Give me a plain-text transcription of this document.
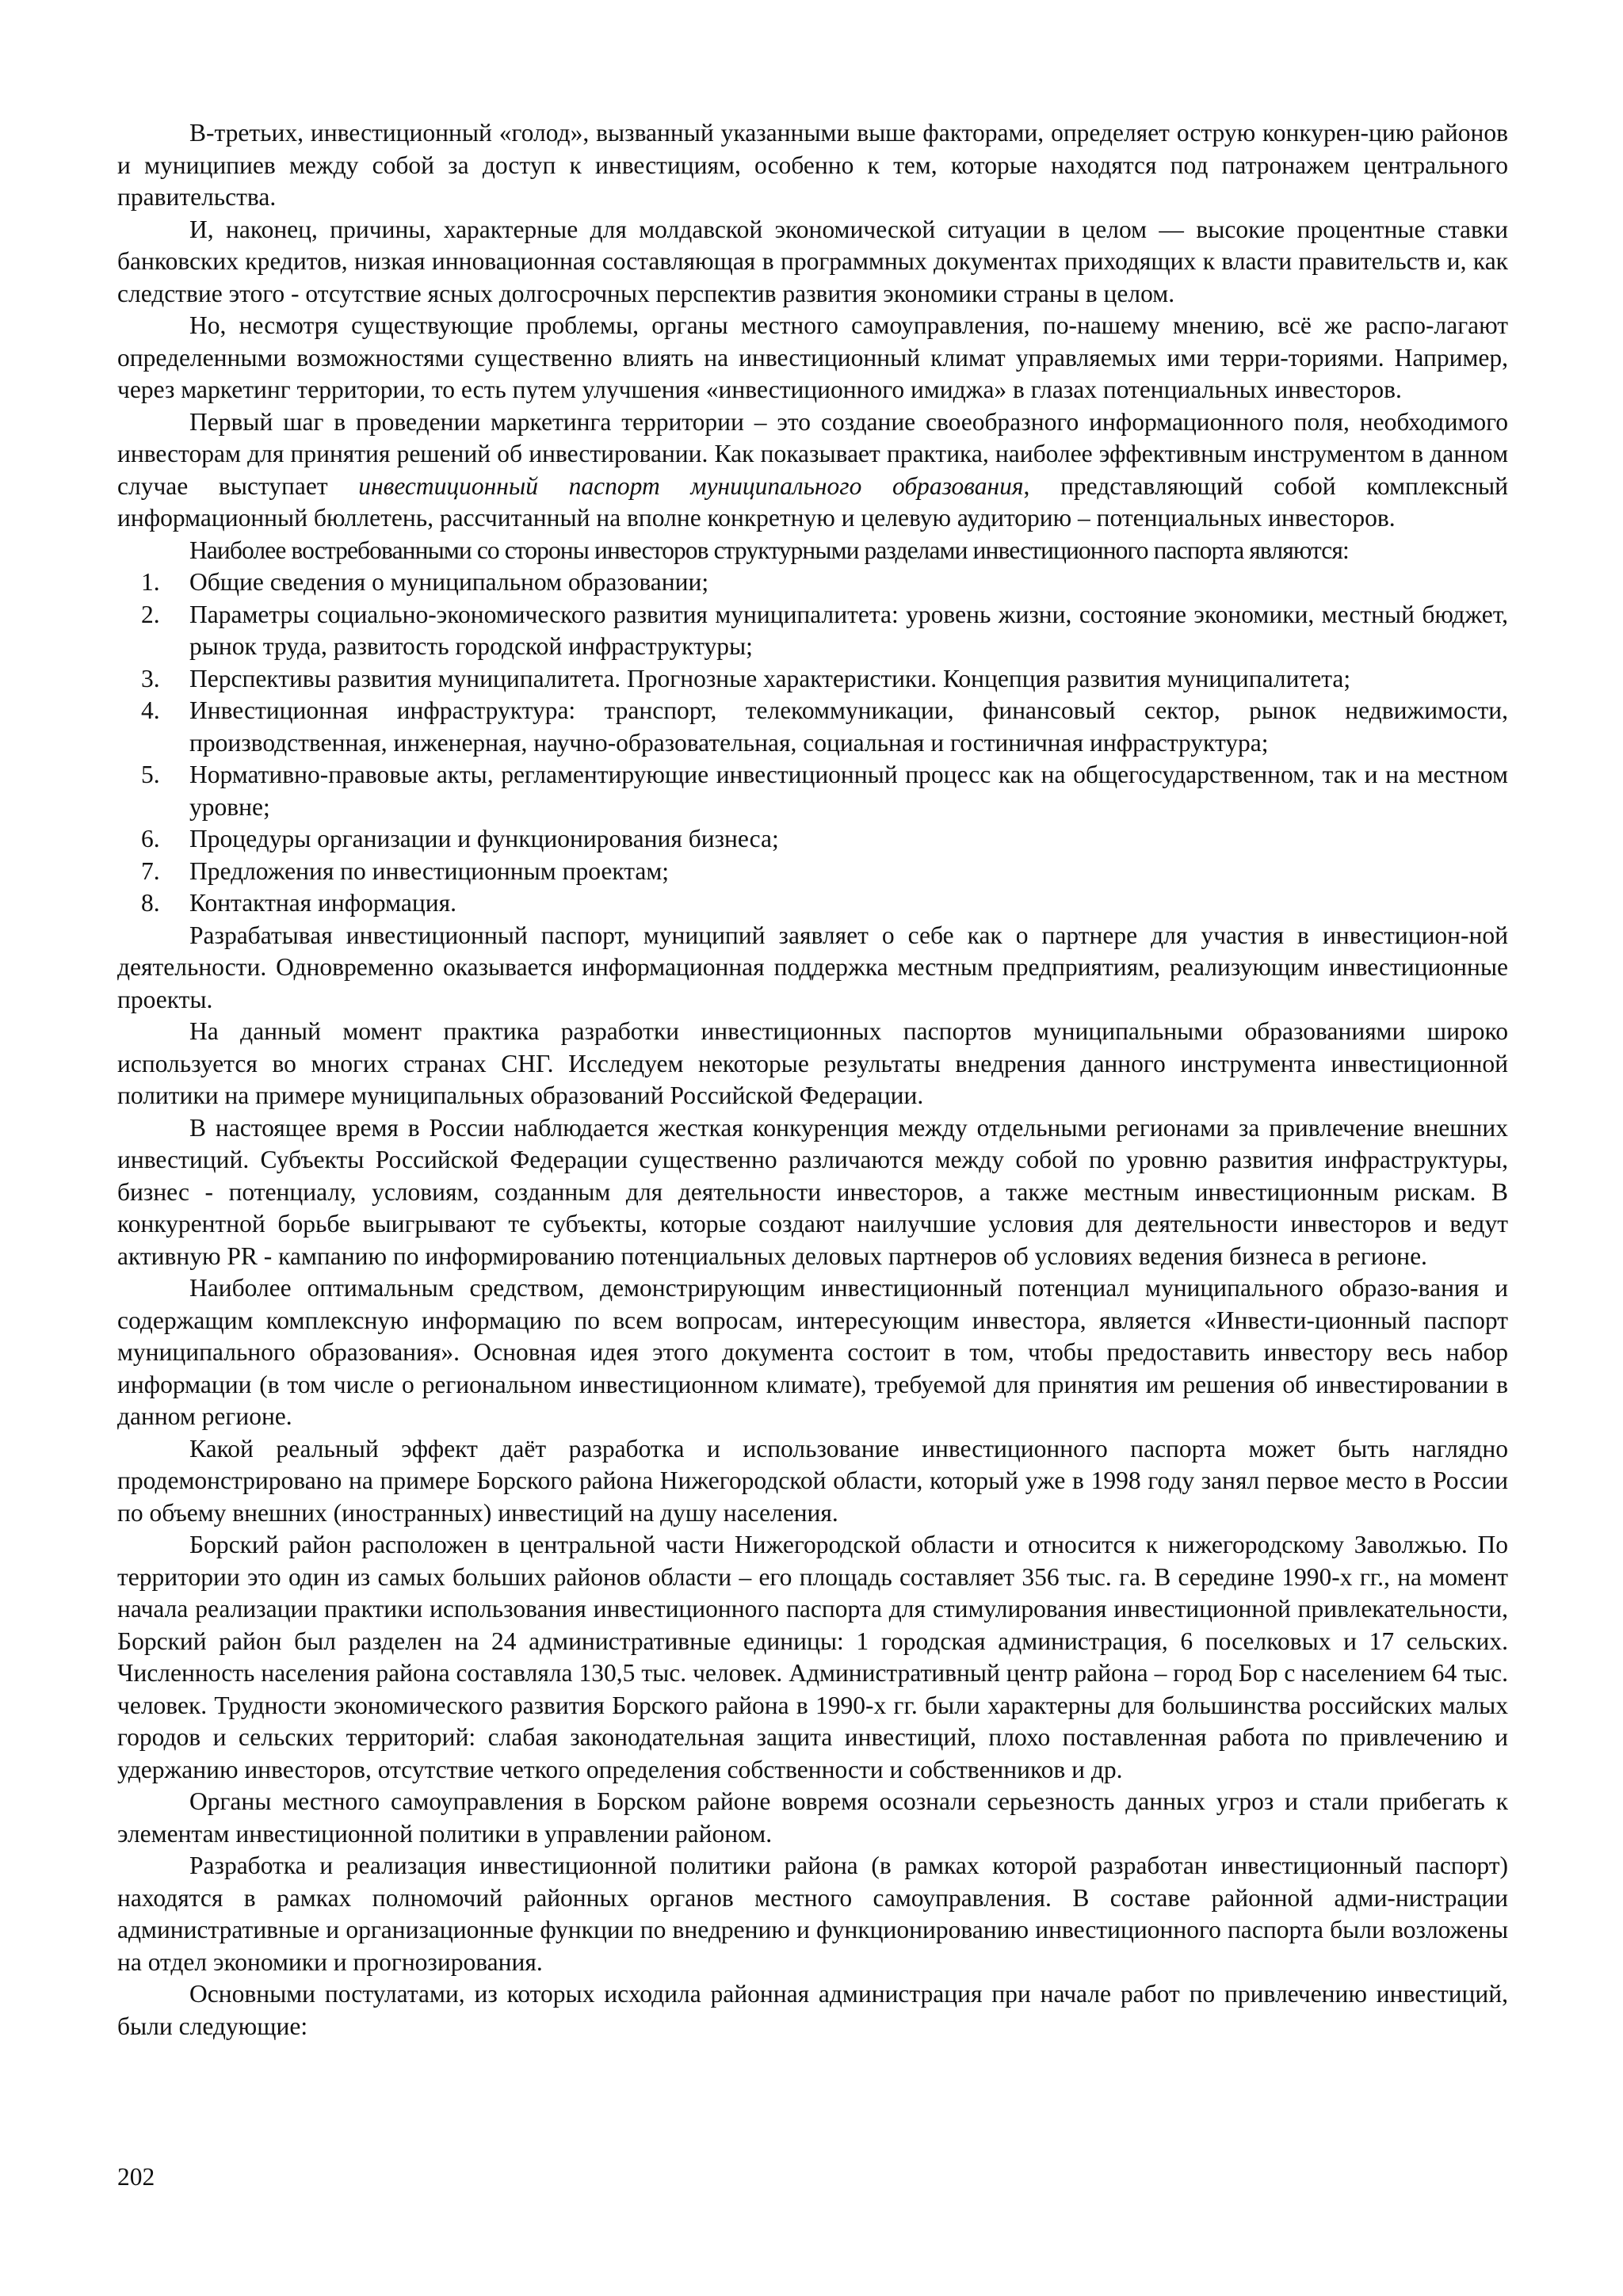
В-третьих, инвестиционный «голод», вызванный указанными выше факторами, определяет острую конкурен-цию районов и муниципиев между собой за доступ к инвестициям, особенно к тем, которые находятся под патронажем центрального правительства.

И, наконец, причины, характерные для молдавской экономической ситуации в целом — высокие процентные ставки банковских кредитов, низкая инновационная составляющая в программных документах приходящих к власти правительств и, как следствие этого - отсутствие ясных долгосрочных перспектив развития экономики страны в целом.

Но, несмотря существующие проблемы, органы местного самоуправления, по-нашему мнению, всё же распо-лагают определенными возможностями существенно влиять на инвестиционный климат управляемых ими терри-ториями. Например, через маркетинг территории, то есть путем улучшения «инвестиционного имиджа» в глазах потенциальных инвесторов.

Первый шаг в проведении маркетинга территории – это создание своеобразного информационного поля, необходимого инвесторам для принятия решений об инвестировании. Как показывает практика, наиболее эффективным инструментом в данном случае выступает инвестиционный паспорт муниципального образования, представляющий собой комплексный информационный бюллетень, рассчитанный на вполне конкретную и целевую аудиторию – потенциальных инвесторов.

Наиболее востребованными со стороны инвесторов структурными разделами инвестиционного паспорта являются:

1.	Общие сведения о муниципальном образовании;
2.	Параметры социально-экономического развития муниципалитета: уровень жизни, состояние экономики, местный бюджет, рынок труда, развитость городской инфраструктуры;
3.	Перспективы развития муниципалитета. Прогнозные характеристики. Концепция развития муниципалитета;
4.	Инвестиционная инфраструктура: транспорт, телекоммуникации, финансовый сектор, рынок недвижимости, производственная, инженерная, научно-образовательная, социальная и гостиничная инфраструктура;
5.	Нормативно-правовые акты, регламентирующие инвестиционный процесс как на общегосударственном, так и на местном уровне;
6.	Процедуры организации и функционирования бизнеса;
7.	Предложения по инвестиционным проектам;
8.	Контактная информация.

Разрабатывая инвестиционный паспорт, муниципий заявляет о себе как о партнере для участия в инвестицион-ной деятельности. Одновременно оказывается информационная поддержка местным предприятиям, реализующим инвестиционные проекты.

На данный момент практика разработки инвестиционных паспортов муниципальными образованиями широко используется во многих странах СНГ. Исследуем некоторые результаты внедрения данного инструмента инвестиционной политики на примере муниципальных образований Российской Федерации.

В настоящее время в России наблюдается жесткая конкуренция между отдельными регионами за привлечение внешних инвестиций. Субъекты Российской Федерации существенно различаются между собой по уровню развития инфраструктуры, бизнес - потенциалу, условиям, созданным для деятельности инвесторов, а также местным инвестиционным рискам. В конкурентной борьбе выигрывают те субъекты, которые создают наилучшие условия для деятельности инвесторов и ведут активную PR - кампанию по информированию потенциальных деловых партнеров об условиях ведения бизнеса в регионе.

Наиболее оптимальным средством, демонстрирующим инвестиционный потенциал муниципального образо-вания и содержащим комплексную информацию по всем вопросам, интересующим инвестора, является «Инвести-ционный паспорт муниципального образования». Основная идея этого документа состоит в том, чтобы предоставить инвестору весь набор информации (в том числе о региональном инвестиционном климате), требуемой для принятия им решения об инвестировании в данном регионе.

Какой реальный эффект даёт разработка и использование инвестиционного паспорта может быть наглядно продемонстрировано на примере Борского района Нижегородской области, который уже в 1998 году занял первое место в России по объему внешних (иностранных) инвестиций на душу населения.

Борский район расположен в центральной части Нижегородской области и относится к нижегородскому Заволжью. По территории это один из самых больших районов области – его площадь составляет 356 тыс. га. В середине 1990-х гг., на момент начала реализации практики использования инвестиционного паспорта для стимулирования инвестиционной привлекательности, Борский район был разделен на 24 административные единицы: 1 городская администрация, 6 поселковых и 17 сельских. Численность населения района составляла 130,5 тыс. человек. Административный центр района – город Бор с населением 64 тыс. человек. Трудности экономического развития Борского района в 1990-х гг. были характерны для большинства российских малых городов и сельских территорий: слабая законодательная защита инвестиций, плохо поставленная работа по привлечению и удержанию инвесторов, отсутствие четкого определения собственности и собственников и др.

Органы местного самоуправления в Борском районе вовремя осознали серьезность данных угроз и стали прибегать к элементам инвестиционной политики в управлении районом.

Разработка и реализация инвестиционной политики района (в рамках которой разработан инвестиционный паспорт) находятся в рамках полномочий районных органов местного самоуправления. В составе районной адми-нистрации административные и организационные функции по внедрению и функционированию инвестиционного паспорта были возложены на отдел экономики и прогнозирования.

Основными постулатами, из которых исходила районная администрация при начале работ по привлечению инвестиций, были следующие:

202
